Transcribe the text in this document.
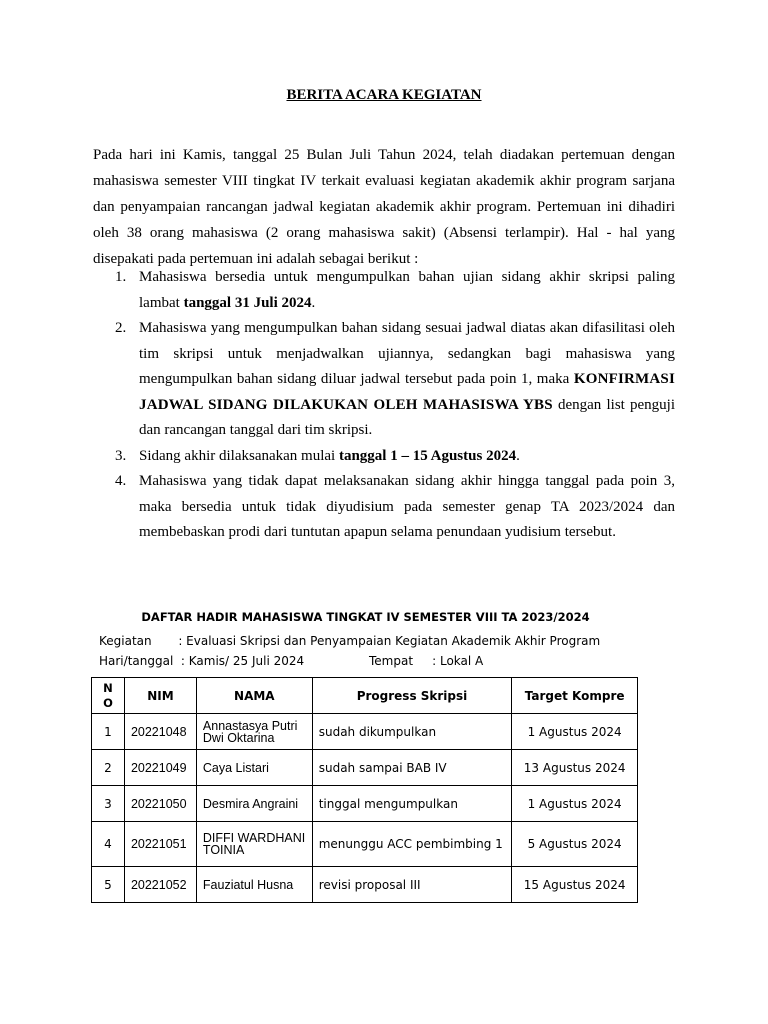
BERITA ACARA KEGIATAN

Pada hari ini Kamis, tanggal 25 Bulan Juli Tahun 2024, telah diadakan pertemuan dengan mahasiswa semester VIII tingkat IV terkait evaluasi kegiatan akademik akhir program sarjana dan penyampaian rancangan jadwal kegiatan akademik akhir program. Pertemuan ini dihadiri oleh 38 orang mahasiswa (2 orang mahasiswa sakit) (Absensi terlampir). Hal - hal yang disepakati pada pertemuan ini adalah sebagai berikut :

1. Mahasiswa bersedia untuk mengumpulkan bahan ujian sidang akhir skripsi paling lambat tanggal 31 Juli 2024.
2. Mahasiswa yang mengumpulkan bahan sidang sesuai jadwal diatas akan difasilitasi oleh tim skripsi untuk menjadwalkan ujiannya, sedangkan bagi mahasiswa yang mengumpulkan bahan sidang diluar jadwal tersebut pada poin 1, maka KONFIRMASI JADWAL SIDANG DILAKUKAN OLEH MAHASISWA YBS dengan list penguji dan rancangan tanggal dari tim skripsi.
3. Sidang akhir dilaksanakan mulai tanggal 1 – 15 Agustus 2024.
4. Mahasiswa yang tidak dapat melaksanakan sidang akhir hingga tanggal pada poin 3, maka bersedia untuk tidak diyudisium pada semester genap TA 2023/2024 dan membebaskan prodi dari tuntutan apapun selama penundaan yudisium tersebut.
DAFTAR HADIR MAHASISWA TINGKAT IV SEMESTER VIII TA 2023/2024
Kegiatan       : Evaluasi Skripsi dan Penyampaian Kegiatan Akademik Akhir Program
Hari/tanggal  : Kamis/ 25 Juli 2024                 Tempat     : Lokal A
N O	NIM	NAMA	Progress Skripsi	Target Kompre
1	20221048	Annastasya Putri Dwi Oktarina	sudah dikumpulkan	1 Agustus 2024
2	20221049	Caya Listari	sudah sampai BAB IV	13 Agustus 2024
3	20221050	Desmira Angraini	tinggal mengumpulkan	1 Agustus 2024
4	20221051	DIFFI WARDHANI TOINIA	menunggu ACC pembimbing 1	5 Agustus 2024
5	20221052	Fauziatul Husna	revisi proposal III	15 Agustus 2024
